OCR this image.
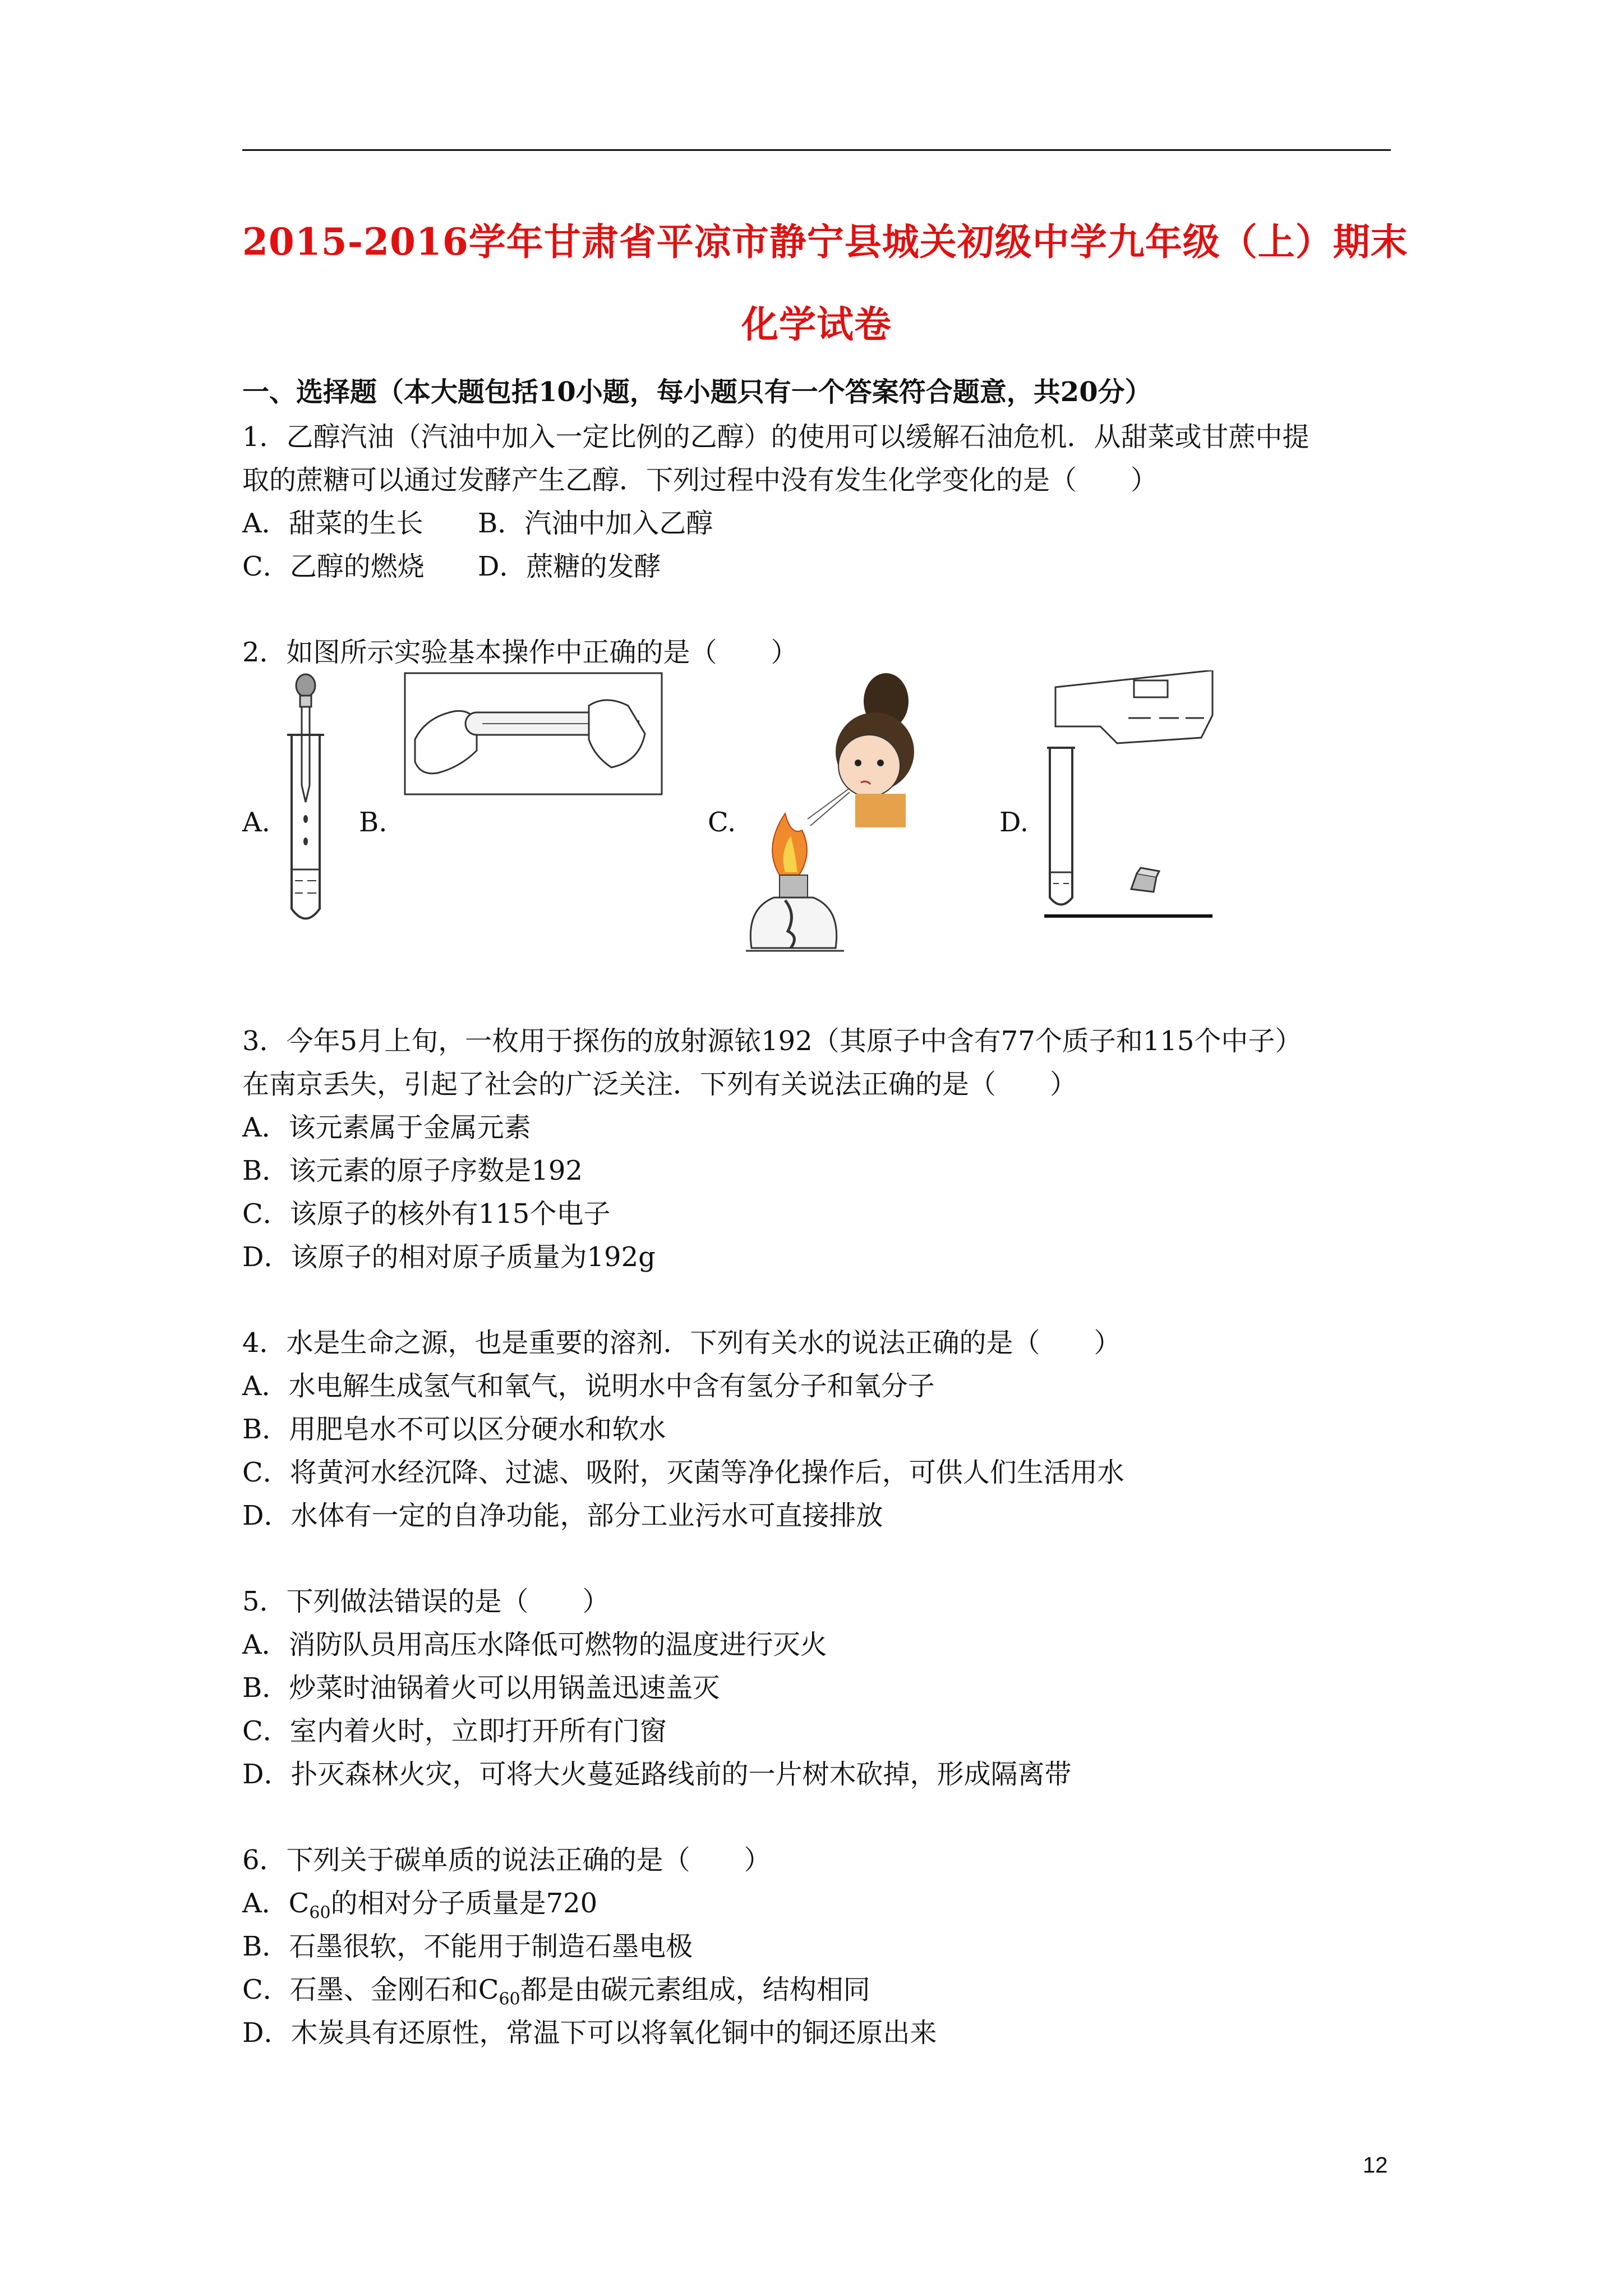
2015-2016学年甘肃省平凉市静宁县城关初级中学九年级（上）期末
化学试卷
一、选择题（本大题包括10小题，每小题只有一个答案符合题意，共20分）
1．乙醇汽油（汽油中加入一定比例的乙醇）的使用可以缓解石油危机．从甜菜或甘蔗中提
取的蔗糖可以通过发酵产生乙醇．下列过程中没有发生化学变化的是（　　）
A．甜菜的生长 B．汽油中加入乙醇
C．乙醇的燃烧 D．蔗糖的发酵
2．如图所示实验基本操作中正确的是（　　）
A.	B.	C.	D.
3．今年5月上旬，一枚用于探伤的放射源铱192（其原子中含有77个质子和115个中子）
在南京丢失，引起了社会的广泛关注．下列有关说法正确的是（　　）
A．该元素属于金属元素
B．该元素的原子序数是192
C．该原子的核外有115个电子
D．该原子的相对原子质量为192g
4．水是生命之源，也是重要的溶剂．下列有关水的说法正确的是（　　）
A．水电解生成氢气和氧气，说明水中含有氢分子和氧分子
B．用肥皂水不可以区分硬水和软水
C．将黄河水经沉降、过滤、吸附，灭菌等净化操作后，可供人们生活用水
D．水体有一定的自净功能，部分工业污水可直接排放
5．下列做法错误的是（　　）
A．消防队员用高压水降低可燃物的温度进行灭火
B．炒菜时油锅着火可以用锅盖迅速盖灭
C．室内着火时，立即打开所有门窗
D．扑灭森林火灾，可将大火蔓延路线前的一片树木砍掉，形成隔离带
6．下列关于碳单质的说法正确的是（　　）
A．$C_{60}$的相对分子质量是720
B．石墨很软，不能用于制造石墨电极
C．石墨、金刚石和$C_{60}$都是由碳元素组成，结构相同
D．木炭具有还原性，常温下可以将氧化铜中的铜还原出来
12
